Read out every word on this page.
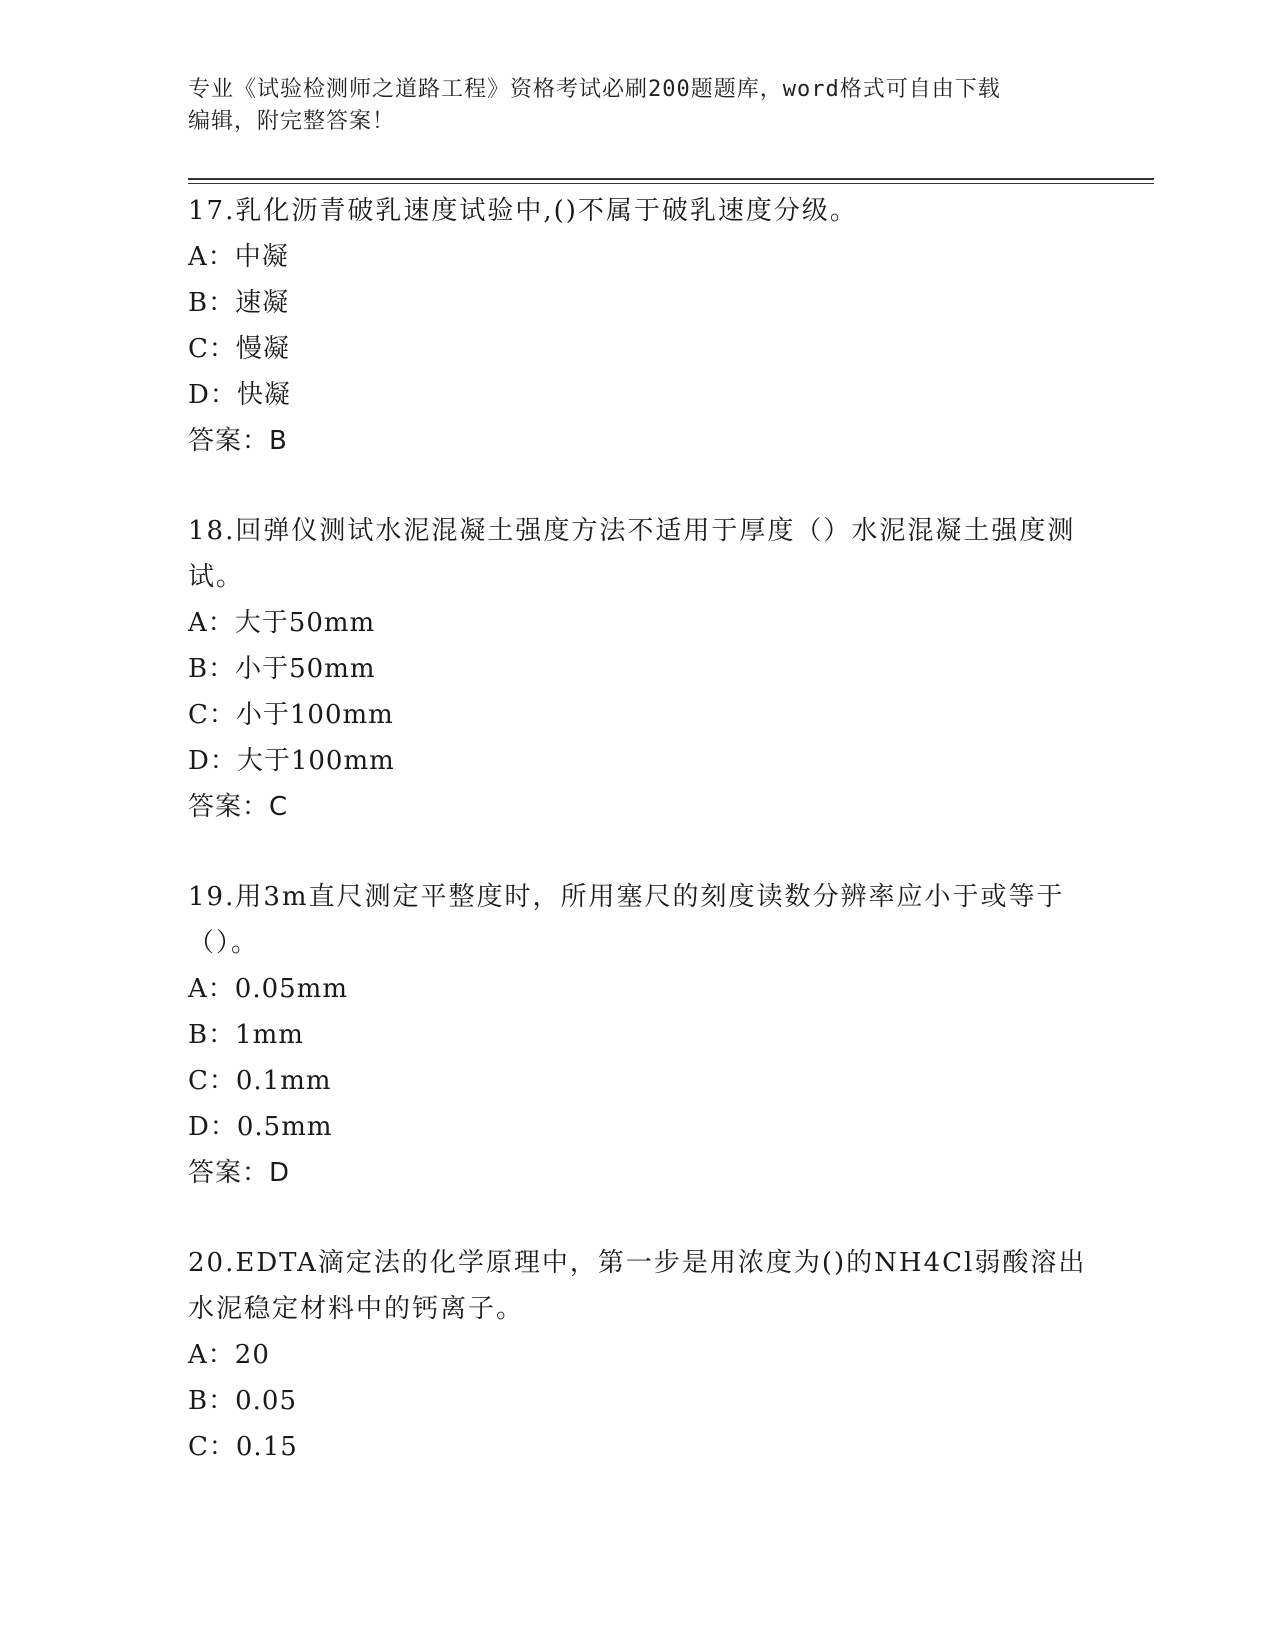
专业《试验检测师之道路工程》资格考试必刷200题题库，word格式可自由下载
编辑，附完整答案！

17.乳化沥青破乳速度试验中,()不属于破乳速度分级。

A：中凝

B：速凝

C：慢凝

D：快凝

答案：B

18.回弹仪测试水泥混凝土强度方法不适用于厚度（）水泥混凝土强度测试。

A：大于50mm

B：小于50mm

C：小于100mm

D：大于100mm

答案：C

19.用3m直尺测定平整度时，所用塞尺的刻度读数分辨率应小于或等于（）。

A：0.05mm

B：1mm

C：0.1mm

D：0.5mm

答案：D

20.EDTA滴定法的化学原理中，第一步是用浓度为()的NH4Cl弱酸溶出水泥稳定材料中的钙离子。

A：20

B：0.05

C：0.15
